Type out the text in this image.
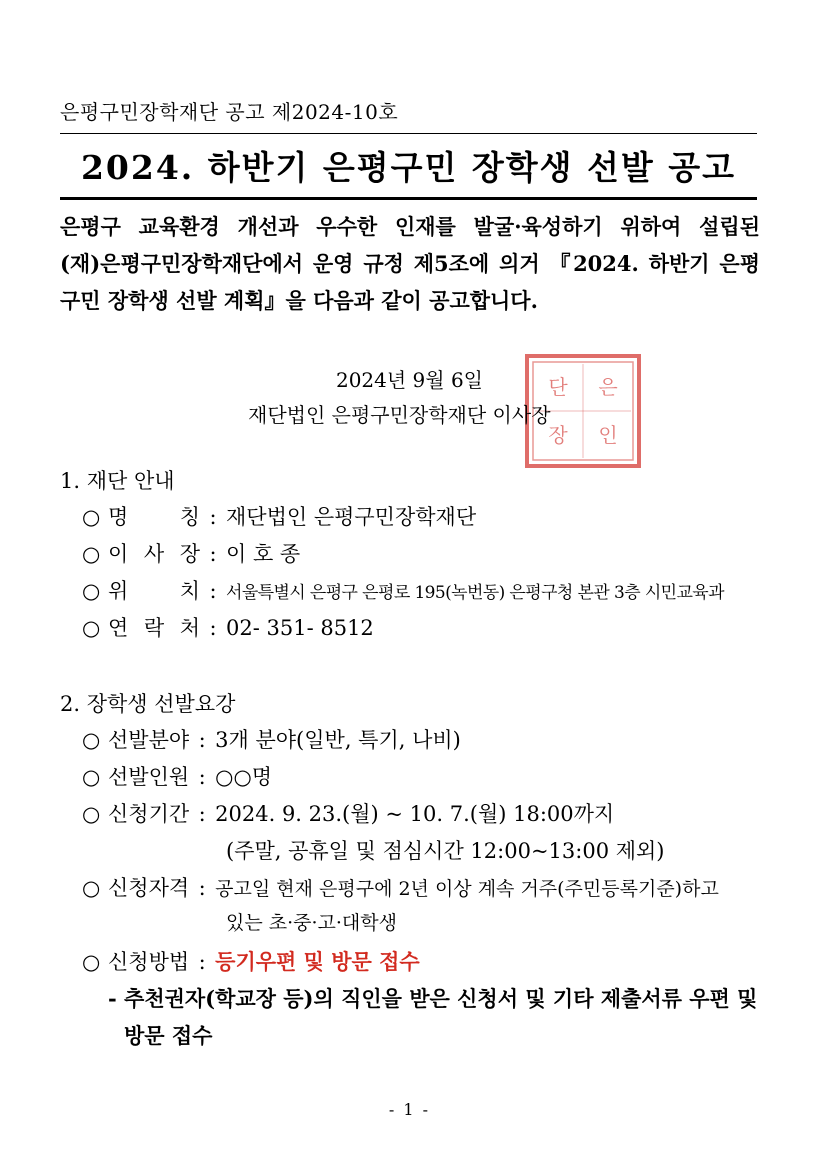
은평구민장학재단 공고 제2024-10호
2024. 하반기 은평구민 장학생 선발 공고
은평구 교육환경 개선과 우수한 인재를 발굴·육성하기 위하여 설립된
(재)은평구민장학재단에서 운영 규정 제5조에 의거 『2024. 하반기 은평
구민 장학생 선발 계획』을 다음과 같이 공고합니다.
2024년 9월 6일	단 은
장 인
재단법인 은평구민장학재단 이사장
1. 재단 안내
○ 명 칭 : 재단법인 은평구민장학재단
○ 이 사 장 : 이 호 종
○ 위 치 : 서울특별시 은평구 은평로 195(녹번동) 은평구청 본관 3층 시민교육과
○ 연 락 처 : 02- 351- 8512
2. 장학생 선발요강
○ 선발분야 : 3개 분야(일반, 특기, 나비)
○ 선발인원 : ○○명
○ 신청기간 : 2024. 9. 23.(월) ~ 10. 7.(월) 18:00까지
(주말, 공휴일 및 점심시간 12:00~13:00 제외)
○ 신청자격 : 공고일 현재 은평구에 2년 이상 계속 거주(주민등록기준)하고
있는 초·중·고·대학생
○ 신청방법 : 등기우편 및 방문 접수
- 추천권자(학교장 등)의 직인을 받은 신청서 및 기타 제출서류 우편 및
방문 접수
- 1 -
